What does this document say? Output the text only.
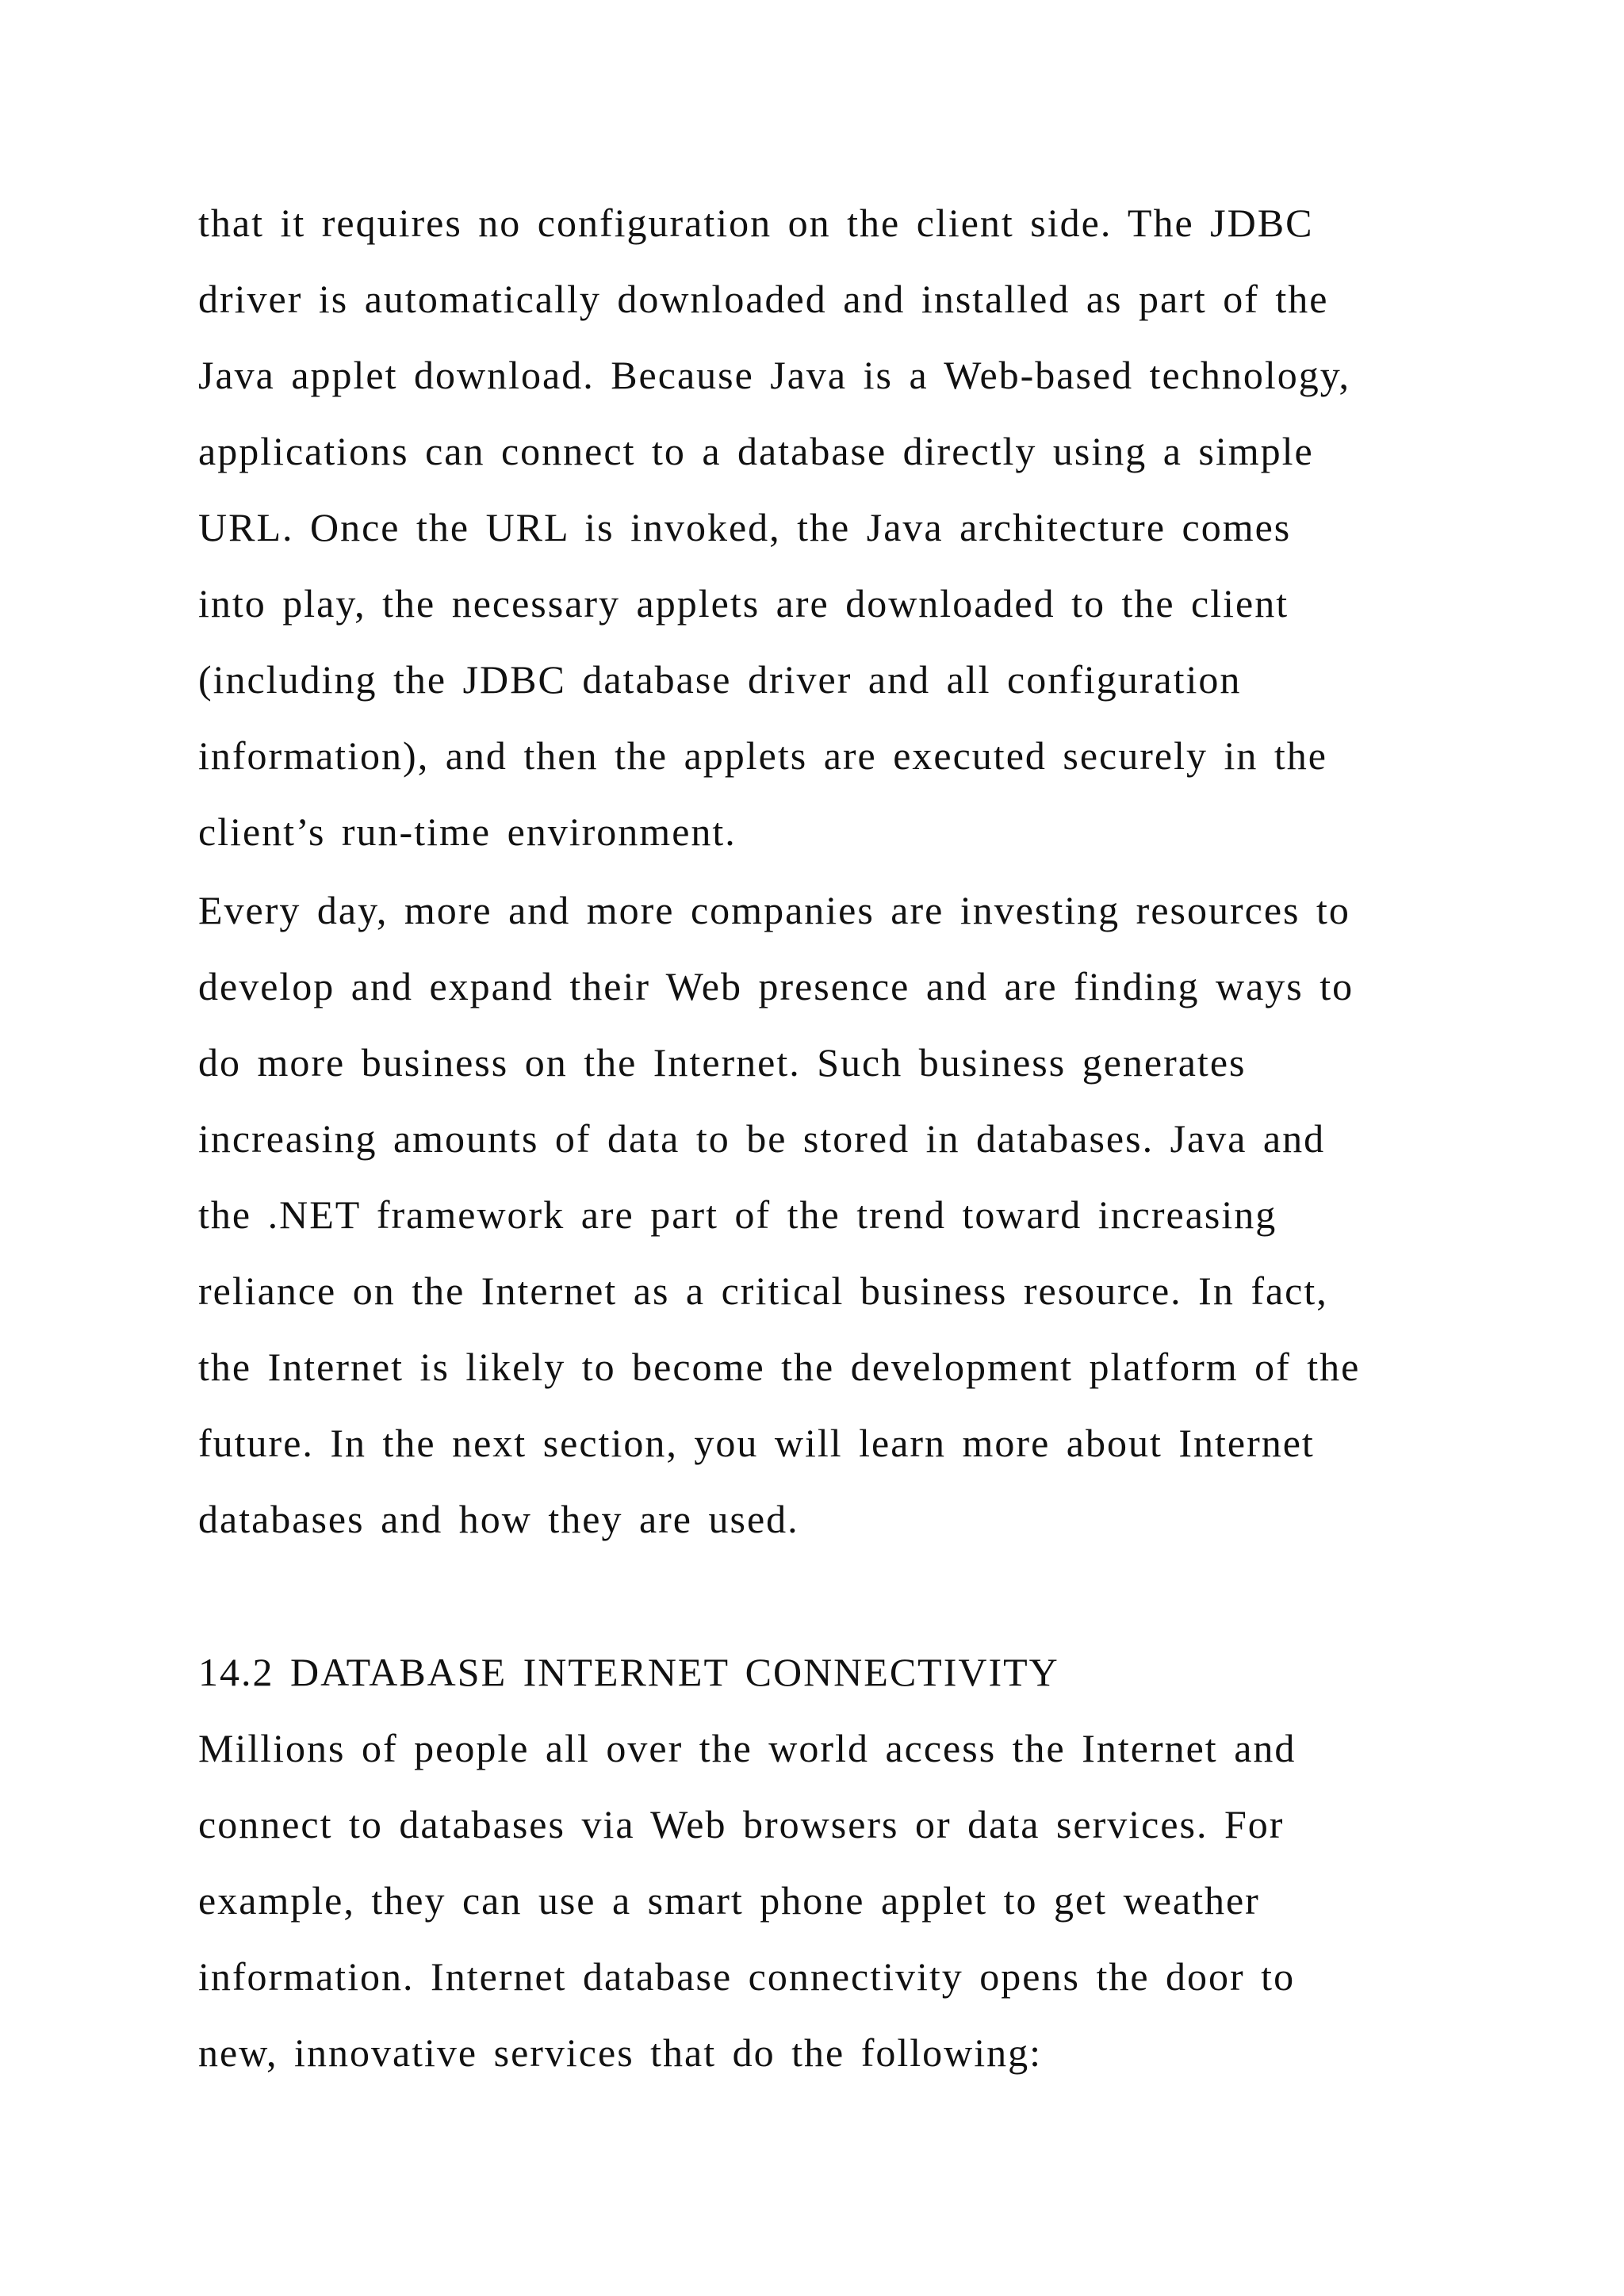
that it requires no configuration on the client side. The JDBC
driver is automatically downloaded and installed as part of the
Java applet download. Because Java is a Web-based technology,
applications can connect to a database directly using a simple
URL. Once the URL is invoked, the Java architecture comes
into play, the necessary applets are downloaded to the client
(including the JDBC database driver and all configuration
information), and then the applets are executed securely in the
client’s run-time environment.
Every day, more and more companies are investing resources to
develop and expand their Web presence and are finding ways to
do more business on the Internet. Such business generates
increasing amounts of data to be stored in databases. Java and
the .NET framework are part of the trend toward increasing
reliance on the Internet as a critical business resource. In fact,
the Internet is likely to become the development platform of the
future. In the next section, you will learn more about Internet
databases and how they are used.
14.2 DATABASE INTERNET CONNECTIVITY
Millions of people all over the world access the Internet and
connect to databases via Web browsers or data services. For
example, they can use a smart phone applet to get weather
information. Internet database connectivity opens the door to
new, innovative services that do the following:
